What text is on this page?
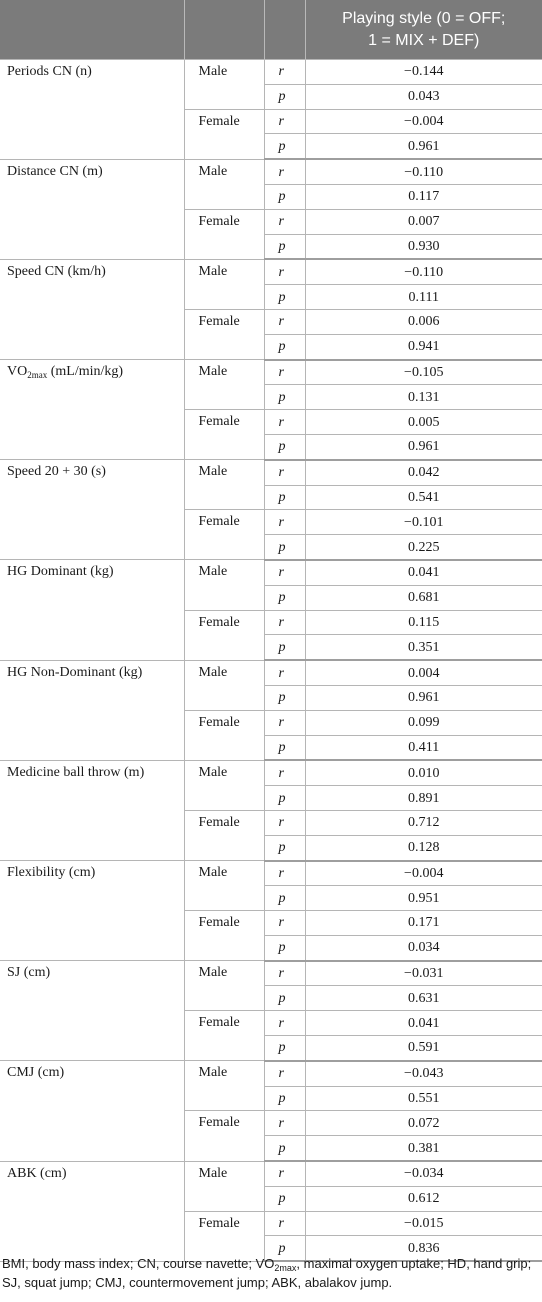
			Playing style (0 = OFF;
1 = MIX + DEF)
Periods CN (n)	Male	r	−0.144
		p	0.043
	Female	r	−0.004
		p	0.961
Distance CN (m)	Male	r	−0.110
		p	0.117
	Female	r	0.007
		p	0.930
Speed CN (km/h)	Male	r	−0.110
		p	0.111
	Female	r	0.006
		p	0.941
$VO_{2max}$ (mL/min/kg)	Male	r	−0.105
		p	0.131
	Female	r	0.005
		p	0.961
Speed 20 + 30 (s)	Male	r	0.042
		p	0.541
	Female	r	−0.101
		p	0.225
HG Dominant (kg)	Male	r	0.041
		p	0.681
	Female	r	0.115
		p	0.351
HG Non-Dominant (kg)	Male	r	0.004
		p	0.961
	Female	r	0.099
		p	0.411
Medicine ball throw (m)	Male	r	0.010
		p	0.891
	Female	r	0.712
		p	0.128
Flexibility (cm)	Male	r	−0.004
		p	0.951
	Female	r	0.171
		p	0.034
SJ (cm)	Male	r	−0.031
		p	0.631
	Female	r	0.041
		p	0.591
CMJ (cm)	Male	r	−0.043
		p	0.551
	Female	r	0.072
		p	0.381
ABK (cm)	Male	r	−0.034
		p	0.612
	Female	r	−0.015
		p	0.836
BMI, body mass index; CN, course navette; $VO_{2max}$, maximal oxygen uptake; HD, hand grip; SJ, squat jump; CMJ, countermovement jump; ABK, abalakov jump.
